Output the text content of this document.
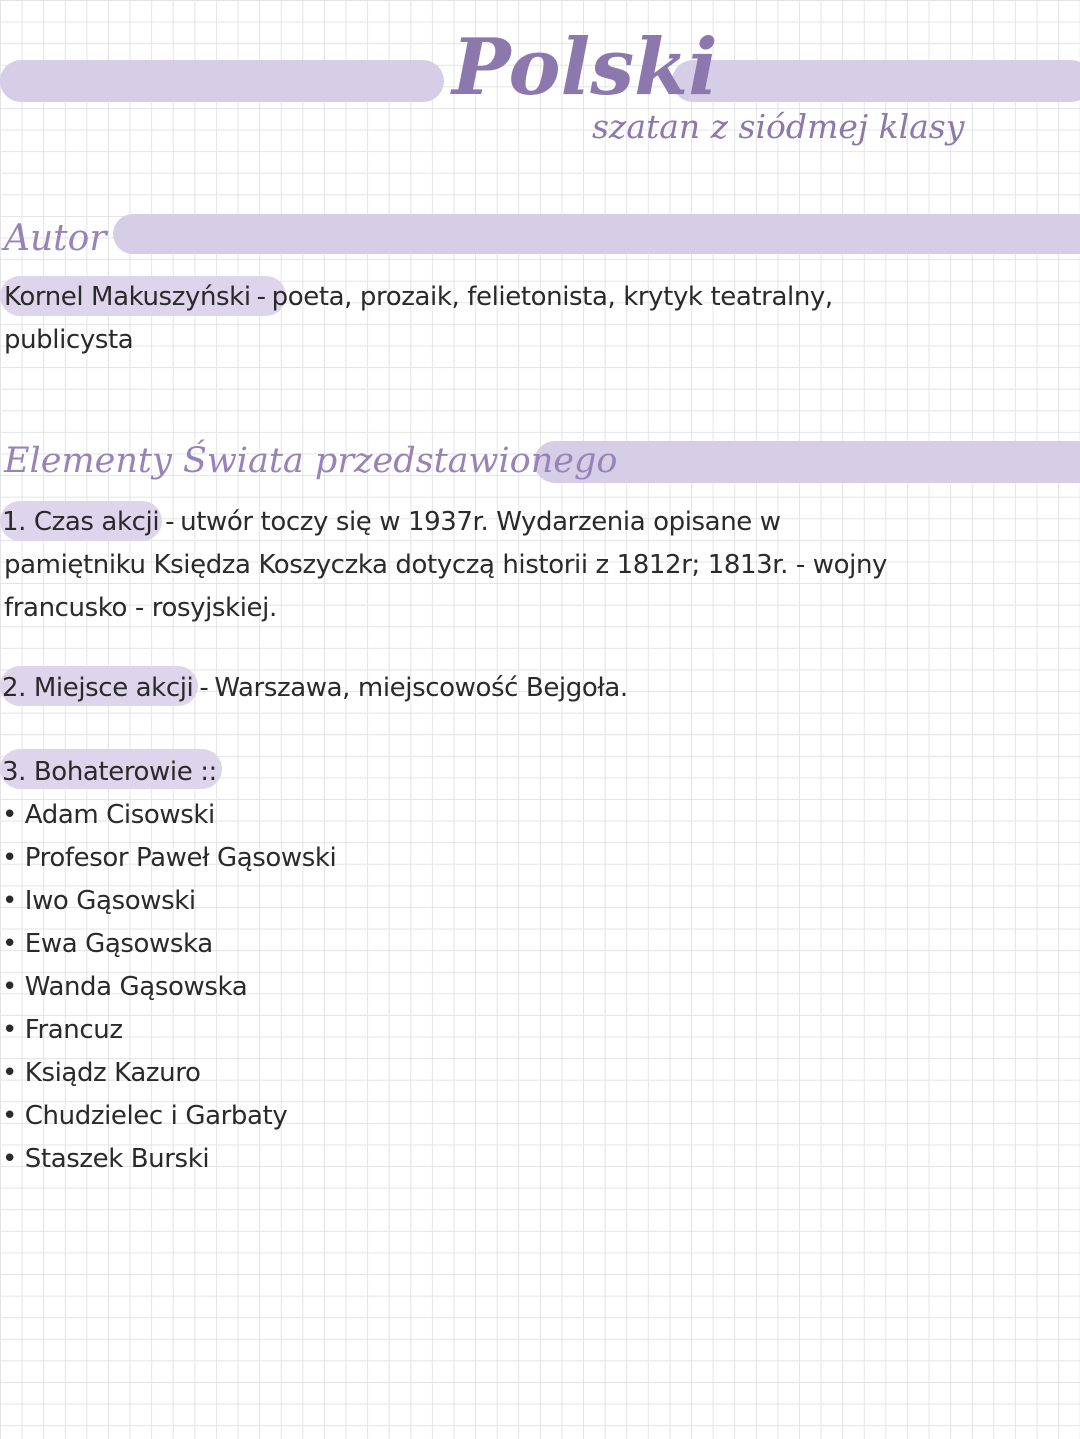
Polski
szatan z siódmej klasy
Autor
Kornel Makuszyński - poeta, prozaik, felietonista, krytyk teatralny,
publicysta
Elementy Świata przedstawionego
1. Czas akcji - utwór toczy się w 1937r. Wydarzenia opisane w
pamiętniku Księdza Koszyczka dotyczą historii z 1812r; 1813r. - wojny
francusko - rosyjskiej.
2. Miejsce akcji - Warszawa, miejscowość Bejgoła.
3. Bohaterowie ::
• Adam Cisowski
• Profesor Paweł Gąsowski
• Iwo Gąsowski
• Ewa Gąsowska
• Wanda Gąsowska
• Francuz
• Ksiądz Kazuro
• Chudzielec i Garbaty
• Staszek Burski
